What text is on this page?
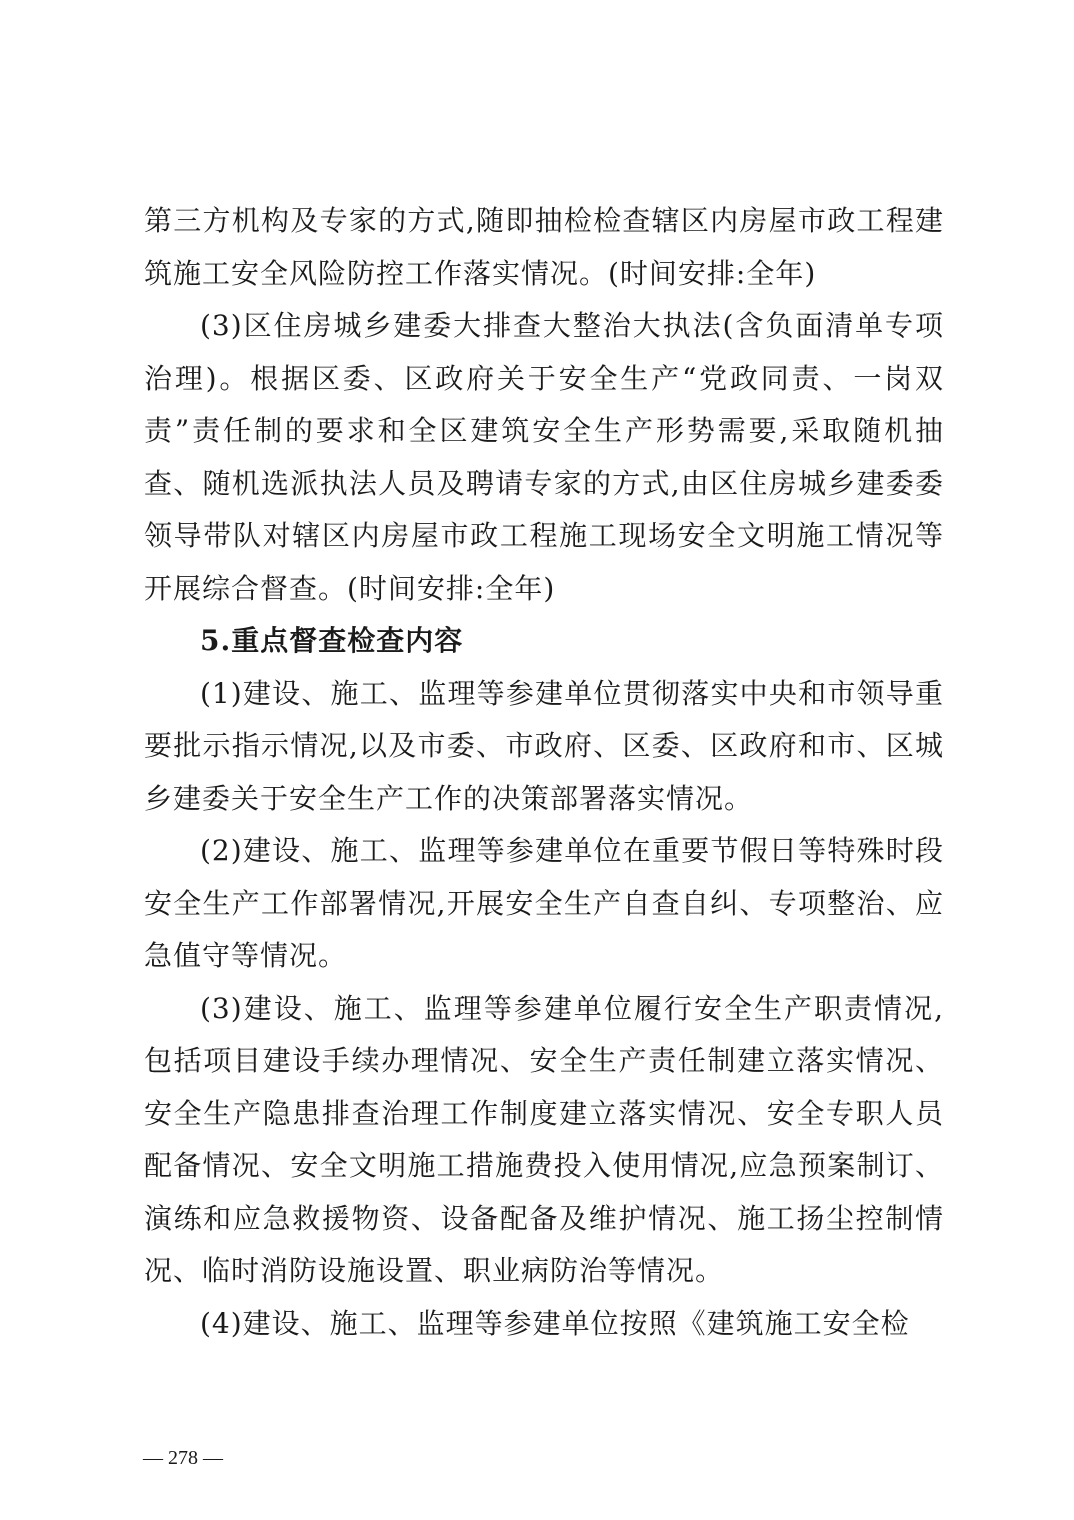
第三方机构及专家的方式,随即抽检检查辖区内房屋市政工程建筑施工安全风险防控工作落实情况。(时间安排:全年)

(3)区住房城乡建委大排查大整治大执法(含负面清单专项治理)。根据区委、区政府关于安全生产“党政同责、一岗双责”责任制的要求和全区建筑安全生产形势需要,采取随机抽查、随机选派执法人员及聘请专家的方式,由区住房城乡建委委领导带队对辖区内房屋市政工程施工现场安全文明施工情况等开展综合督查。(时间安排:全年)

5.重点督查检查内容

(1)建设、施工、监理等参建单位贯彻落实中央和市领导重要批示指示情况,以及市委、市政府、区委、区政府和市、区城乡建委关于安全生产工作的决策部署落实情况。

(2)建设、施工、监理等参建单位在重要节假日等特殊时段安全生产工作部署情况,开展安全生产自查自纠、专项整治、应急值守等情况。

(3)建设、施工、监理等参建单位履行安全生产职责情况,包括项目建设手续办理情况、安全生产责任制建立落实情况、安全生产隐患排查治理工作制度建立落实情况、安全专职人员配备情况、安全文明施工措施费投入使用情况,应急预案制订、演练和应急救援物资、设备配备及维护情况、施工扬尘控制情况、临时消防设施设置、职业病防治等情况。

(4)建设、施工、监理等参建单位按照《建筑施工安全检

— 278 —
